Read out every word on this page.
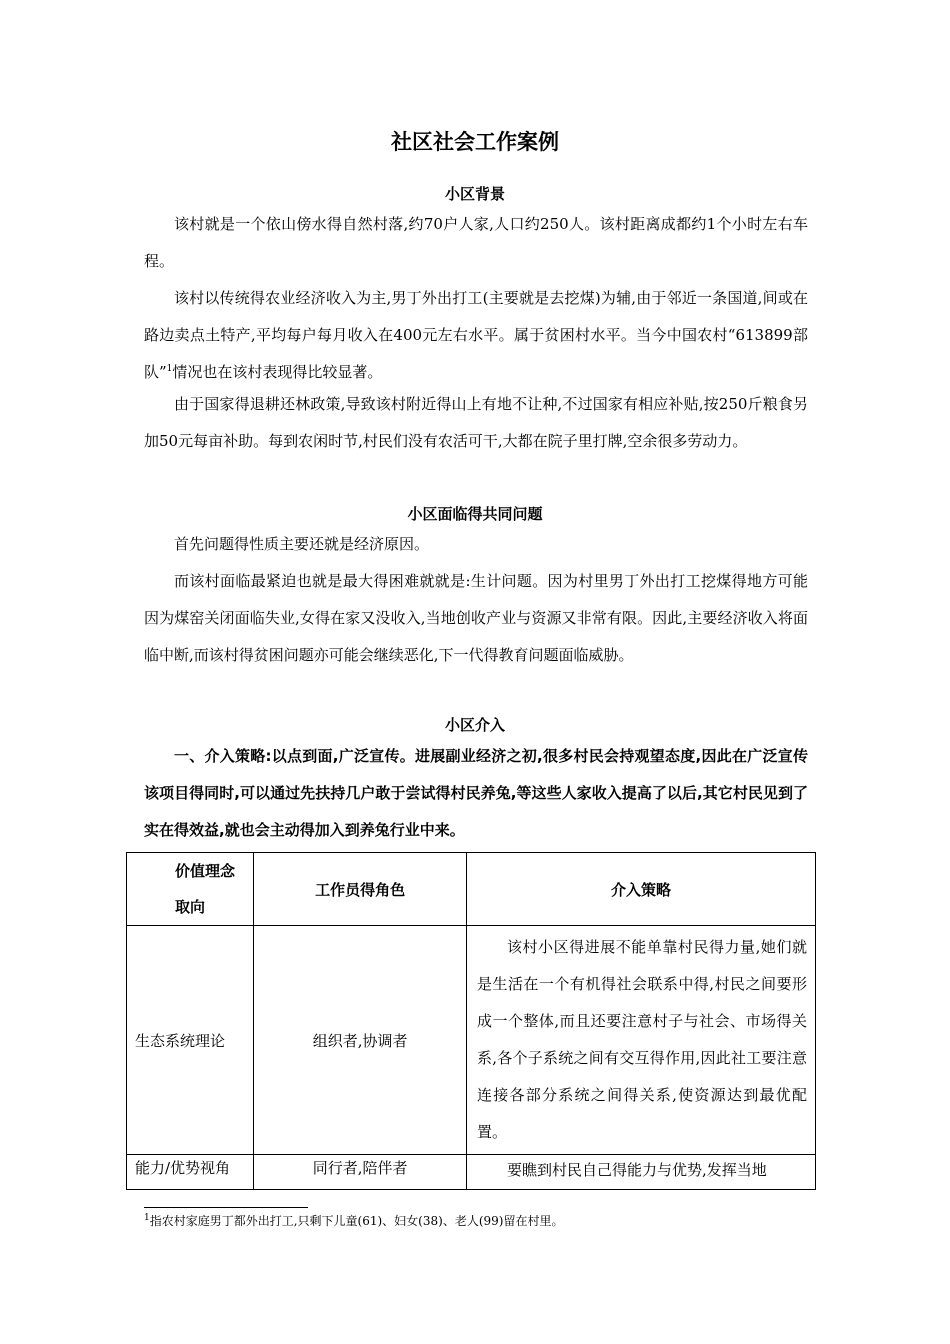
社区社会工作案例
小区背景

该村就是一个依山傍水得自然村落,约70户人家,人口约250人。该村距离成都约1个小时左右车程。

该村以传统得农业经济收入为主,男丁外出打工(主要就是去挖煤)为辅,由于邻近一条国道,间或在路边卖点土特产,平均每户每月收入在400元左右水平。属于贫困村水平。当今中国农村“613899部队”$^1$情况也在该村表现得比较显著。

由于国家得退耕还林政策,导致该村附近得山上有地不让种,不过国家有相应补贴,按250斤粮食另加50元每亩补助。每到农闲时节,村民们没有农活可干,大都在院子里打牌,空余很多劳动力。

小区面临得共同问题

首先问题得性质主要还就是经济原因。

而该村面临最紧迫也就是最大得困难就就是:生计问题。因为村里男丁外出打工挖煤得地方可能因为煤窑关闭面临失业,女得在家又没收入,当地创收产业与资源又非常有限。因此,主要经济收入将面临中断,而该村得贫困问题亦可能会继续恶化,下一代得教育问题面临威胁。

小区介入

一、介入策略:以点到面,广泛宣传。进展副业经济之初,很多村民会持观望态度,因此在广泛宣传该项目得同时,可以通过先扶持几户敢于尝试得村民养兔,等这些人家收入提高了以后,其它村民见到了实在得效益,就也会主动得加入到养兔行业中来。

价值理念
取向	工作员得角色	介入策略
生态系统理论	组织者,协调者	该村小区得进展不能单靠村民得力量,她们就是生活在一个有机得社会联系中得,村民之间要形成一个整体,而且还要注意村子与社会、市场得关系,各个子系统之间有交互得作用,因此社工要注意连接各部分系统之间得关系,使资源达到最优配置。
能力/优势视角	同行者,陪伴者	要瞧到村民自己得能力与优势,发挥当地
$^1$指农村家庭男丁都外出打工,只剩下儿童(61)、妇女(38)、老人(99)留在村里。
